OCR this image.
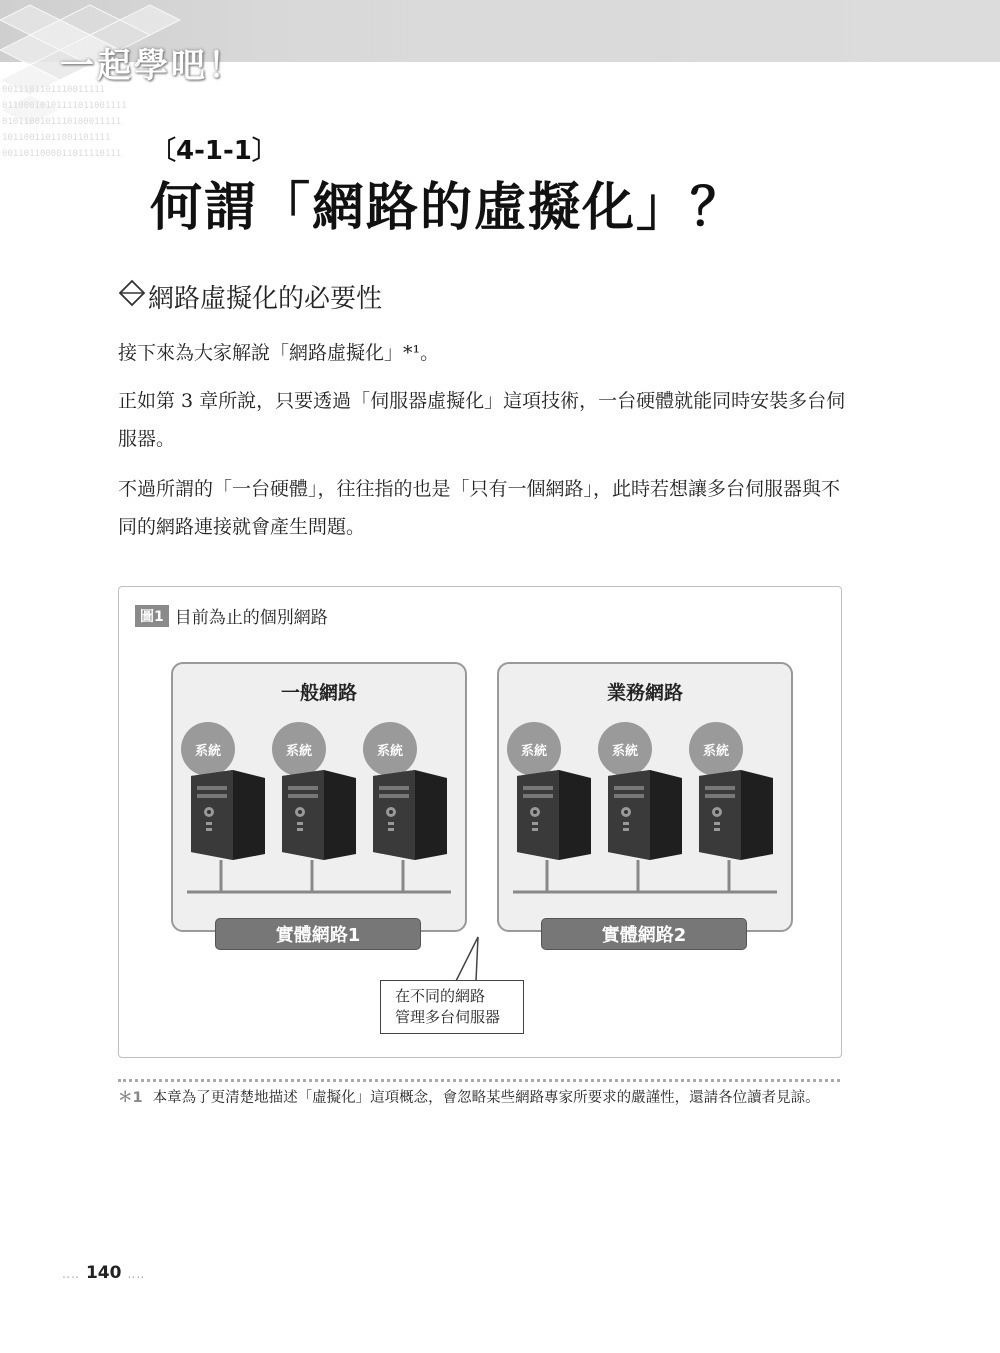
0011101101110011111
01100010101111011001111
0101100101110100011111
10110011011001101111
0011011000011011110111
一起學吧！
〔4-1-1〕
何謂「網路的虛擬化」？
網路虛擬化的必要性
接下來為大家解說「網路虛擬化」*¹。
正如第 3 章所說，只要透過「伺服器虛擬化」這項技術，一台硬體就能同時安裝多台伺服器。
不過所謂的「一台硬體」，往往指的也是「只有一個網路」，此時若想讓多台伺服器與不同的網路連接就會產生問題。
圖1 目前為止的個別網路
一般網路
系統	系統	系統
實體網路1
業務網路
系統	系統	系統
實體網路2
在不同的網路
管理多台伺服器
＊1 本章為了更清楚地描述「虛擬化」這項概念，會忽略某些網路專家所要求的嚴謹性，還請各位讀者見諒。
‥‥ 140 ‥‥
